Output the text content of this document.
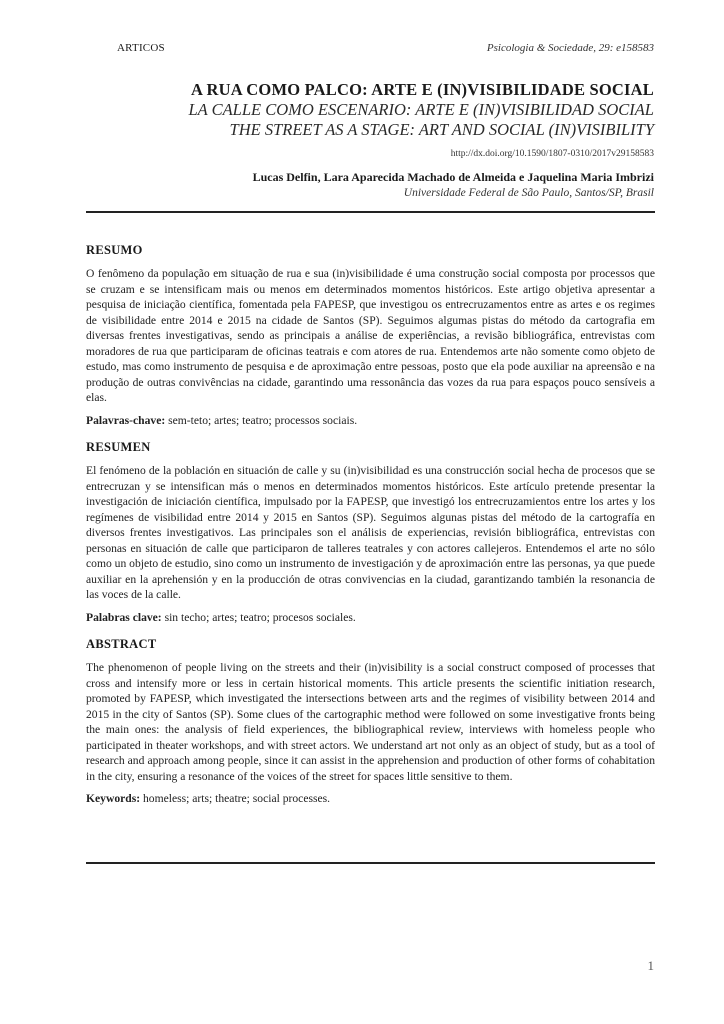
ARTICOS	Psicologia & Sociedade, 29: e158583
A RUA COMO PALCO: ARTE E (IN)VISIBILIDADE SOCIAL
LA CALLE COMO ESCENARIO: ARTE E (IN)VISIBILIDAD SOCIAL
THE STREET AS A STAGE: ART AND SOCIAL (IN)VISIBILITY
http://dx.doi.org/10.1590/1807-0310/2017v29158583
Lucas Delfin, Lara Aparecida Machado de Almeida e Jaquelina Maria Imbrizi
Universidade Federal de São Paulo, Santos/SP, Brasil
RESUMO

O fenômeno da população em situação de rua e sua (in)visibilidade é uma construção social composta por processos que se cruzam e se intensificam mais ou menos em determinados momentos históricos. Este artigo objetiva apresentar a pesquisa de iniciação científica, fomentada pela FAPESP, que investigou os entrecruzamentos entre as artes e os regimes de visibilidade entre 2014 e 2015 na cidade de Santos (SP). Seguimos algumas pistas do método da cartografia em diversas frentes investigativas, sendo as principais a análise de experiências, a revisão bibliográfica, entrevistas com moradores de rua que participaram de oficinas teatrais e com atores de rua. Entendemos arte não somente como objeto de estudo, mas como instrumento de pesquisa e de aproximação entre pessoas, posto que ela pode auxiliar na apreensão e na produção de outras convivências na cidade, garantindo uma ressonância das vozes da rua para espaços pouco sensíveis a elas.

Palavras-chave: sem-teto; artes; teatro; processos sociais.

RESUMEN

El fenómeno de la población en situación de calle y su (in)visibilidad es una construcción social hecha de procesos que se entrecruzan y se intensifican más o menos en determinados momentos históricos. Este artículo pretende presentar la investigación de iniciación científica, impulsado por la FAPESP, que investigó los entrecruzamientos entre los artes y los regímenes de visibilidad entre 2014 y 2015 en Santos (SP). Seguimos algunas pistas del método de la cartografía en diversos frentes investigativos. Las principales son el análisis de experiencias, revisión bibliográfica, entrevistas con personas en situación de calle que participaron de talleres teatrales y con actores callejeros. Entendemos el arte no sólo como un objeto de estudio, sino como un instrumento de investigación y de aproximación entre las personas, ya que puede auxiliar en la aprehensión y en la producción de otras convivencias en la ciudad, garantizando también la resonancia de las voces de la calle.

Palabras clave: sin techo; artes; teatro; procesos sociales.

ABSTRACT

The phenomenon of people living on the streets and their (in)visibility is a social construct composed of processes that cross and intensify more or less in certain historical moments. This article presents the scientific initiation research, promoted by FAPESP, which investigated the intersections between arts and the regimes of visibility between 2014 and 2015 in the city of Santos (SP). Some clues of the cartographic method were followed on some investigative fronts being the main ones: the analysis of field experiences, the bibliographical review, interviews with homeless people who participated in theater workshops, and with street actors. We understand art not only as an object of study, but as a tool of research and approach among people, since it can assist in the apprehension and production of other forms of cohabitation in the city, ensuring a resonance of the voices of the street for spaces little sensitive to them.

Keywords: homeless; arts; theatre; social processes.

1
